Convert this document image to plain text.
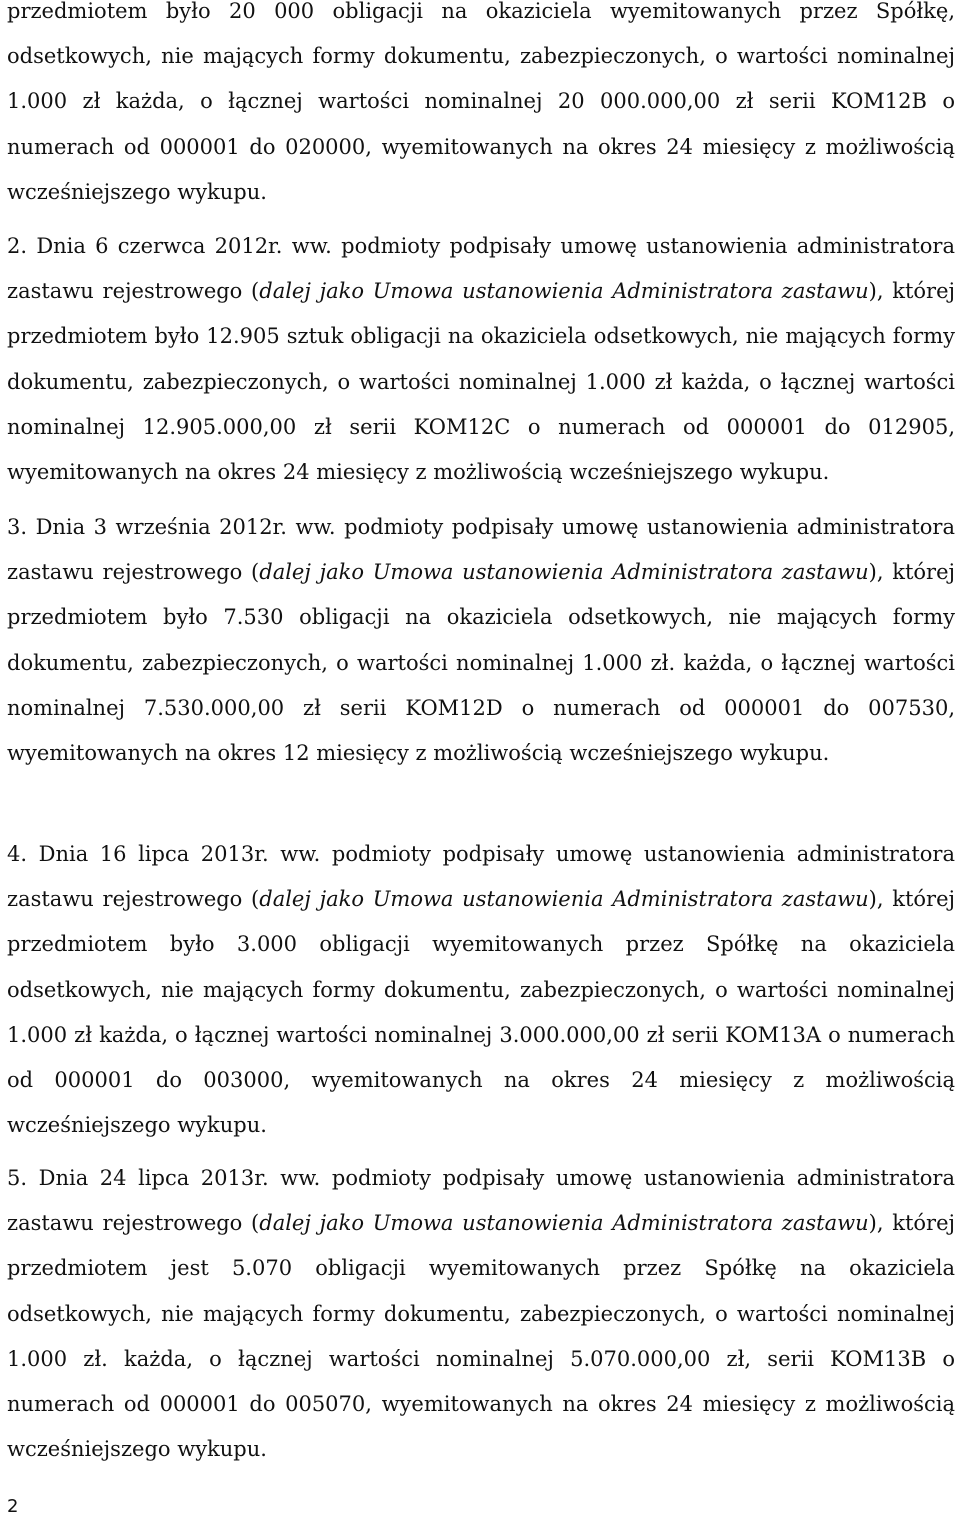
przedmiotem było 20 000 obligacji na okaziciela wyemitowanych przez Spółkę, odsetkowych, nie mających formy dokumentu, zabezpieczonych, o wartości nominalnej 1.000 zł każda, o łącznej wartości nominalnej 20 000.000,00 zł serii KOM12B o numerach od 000001 do 020000, wyemitowanych na okres 24 miesięcy z możliwością wcześniejszego wykupu.

2. Dnia 6 czerwca 2012r. ww. podmioty podpisały umowę ustanowienia administratora zastawu rejestrowego (dalej jako Umowa ustanowienia Administratora zastawu), której przedmiotem było 12.905 sztuk obligacji na okaziciela odsetkowych, nie mających formy dokumentu, zabezpieczonych, o wartości nominalnej 1.000 zł każda, o łącznej wartości nominalnej 12.905.000,00 zł serii KOM12C o numerach od 000001 do 012905, wyemitowanych na okres 24 miesięcy z możliwością wcześniejszego wykupu.

3. Dnia 3 września 2012r. ww. podmioty podpisały umowę ustanowienia administratora zastawu rejestrowego (dalej jako Umowa ustanowienia Administratora zastawu), której przedmiotem było 7.530 obligacji na okaziciela odsetkowych, nie mających formy dokumentu, zabezpieczonych, o wartości nominalnej 1.000 zł. każda, o łącznej wartości nominalnej 7.530.000,00 zł serii KOM12D o numerach od 000001 do 007530, wyemitowanych na okres 12 miesięcy z możliwością wcześniejszego wykupu.

4. Dnia 16 lipca 2013r. ww. podmioty podpisały umowę ustanowienia administratora zastawu rejestrowego (dalej jako Umowa ustanowienia Administratora zastawu), której przedmiotem było 3.000 obligacji wyemitowanych przez Spółkę na okaziciela odsetkowych, nie mających formy dokumentu, zabezpieczonych, o wartości nominalnej 1.000 zł każda, o łącznej wartości nominalnej 3.000.000,00 zł serii KOM13A o numerach od 000001 do 003000, wyemitowanych na okres 24 miesięcy z możliwością wcześniejszego wykupu.

5. Dnia 24 lipca 2013r. ww. podmioty podpisały umowę ustanowienia administratora zastawu rejestrowego (dalej jako Umowa ustanowienia Administratora zastawu), której przedmiotem jest 5.070 obligacji wyemitowanych przez Spółkę na okaziciela odsetkowych, nie mających formy dokumentu, zabezpieczonych, o wartości nominalnej 1.000 zł. każda, o łącznej wartości nominalnej 5.070.000,00 zł, serii KOM13B o numerach od 000001 do 005070, wyemitowanych na okres 24 miesięcy z możliwością wcześniejszego wykupu.

2
